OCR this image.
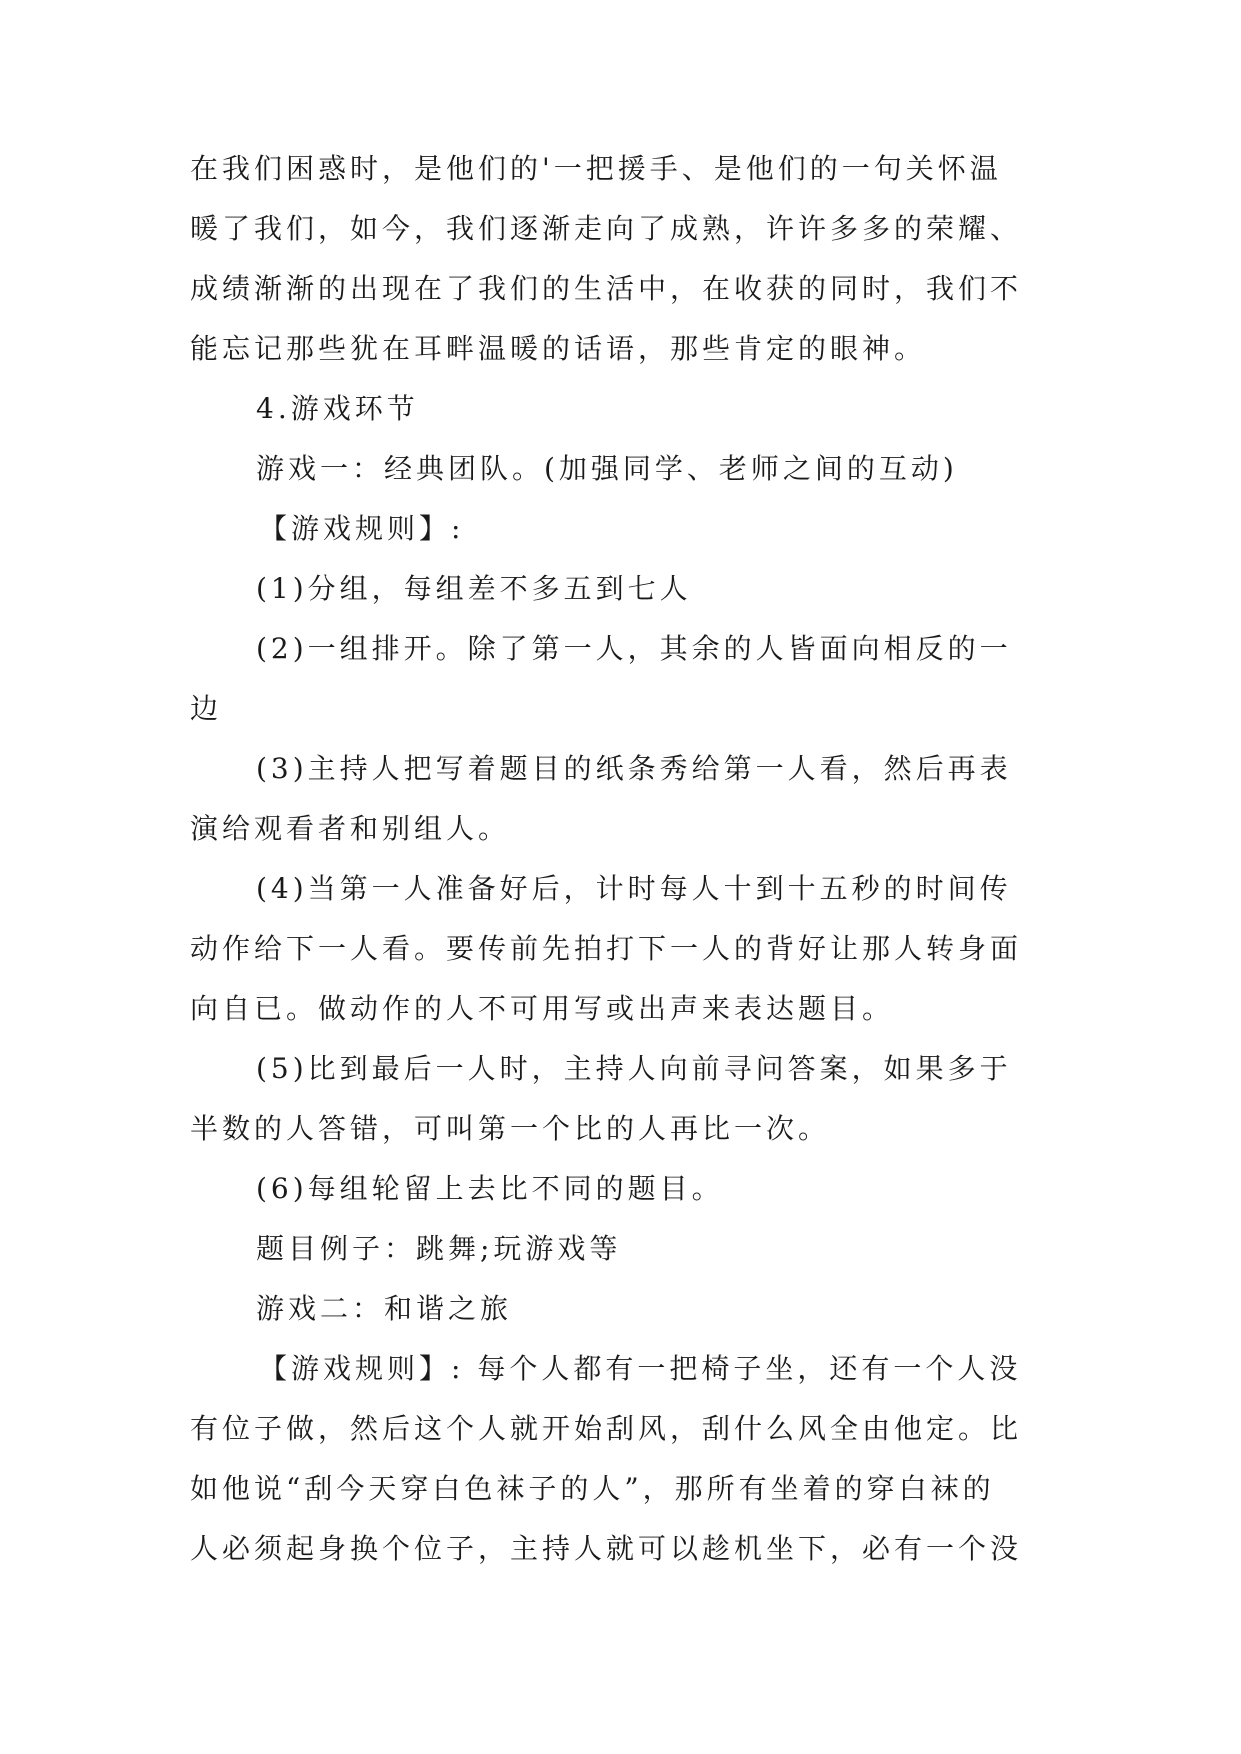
在我们困惑时，是他们的'一把援手、是他们的一句关怀温
暖了我们，如今，我们逐渐走向了成熟，许许多多的荣耀、
成绩渐渐的出现在了我们的生活中，在收获的同时，我们不
能忘记那些犹在耳畔温暖的话语，那些肯定的眼神。
4.游戏环节
游戏一：经典团队。(加强同学、老师之间的互动)
【游戏规则】:
(1)分组，每组差不多五到七人
(2)一组排开。除了第一人，其余的人皆面向相反的一
边
(3)主持人把写着题目的纸条秀给第一人看，然后再表
演给观看者和别组人。
(4)当第一人准备好后，计时每人十到十五秒的时间传
动作给下一人看。要传前先拍打下一人的背好让那人转身面
向自已。做动作的人不可用写或出声来表达题目。
(5)比到最后一人时，主持人向前寻问答案，如果多于
半数的人答错，可叫第一个比的人再比一次。
(6)每组轮留上去比不同的题目。
题目例子：跳舞;玩游戏等
游戏二：和谐之旅
【游戏规则】: 每个人都有一把椅子坐，还有一个人没
有位子做，然后这个人就开始刮风，刮什么风全由他定。比
如他说“刮今天穿白色袜子的人”，那所有坐着的穿白袜的
人必须起身换个位子，主持人就可以趁机坐下，必有一个没
